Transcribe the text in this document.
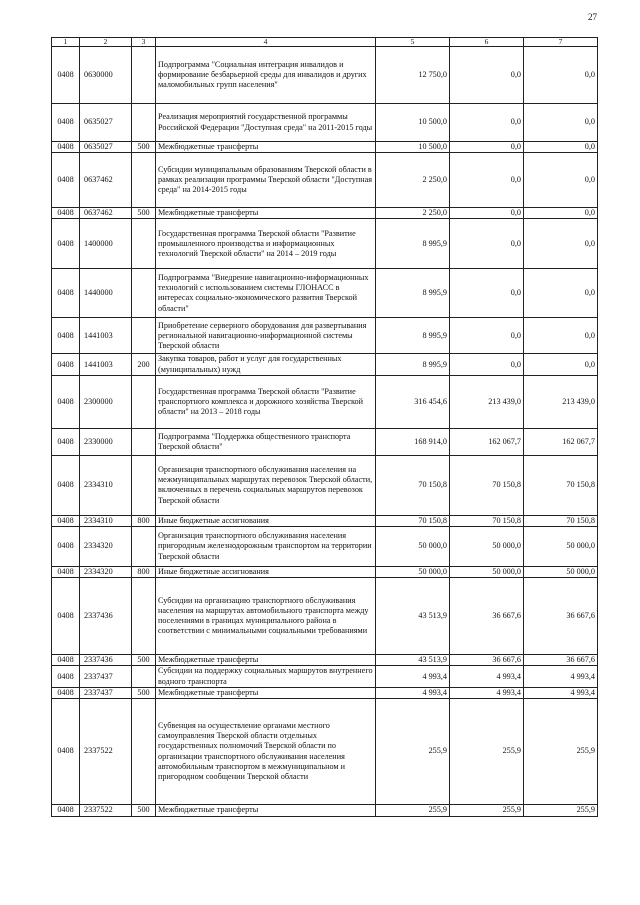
27
1	2	3	4	5	6	7
0408	0630000		Подпрограмма "Социальная интеграция инвалидов и формирование безбарьерной среды для инвалидов и других маломобильных групп населения"	12 750,0	0,0	0,0
0408	0635027		Реализация мероприятий государственной программы Российской Федерации "Доступная среда" на 2011-2015 годы	10 500,0	0,0	0,0
0408	0635027	500	Межбюджетные трансферты	10 500,0	0,0	0,0
0408	0637462		Субсидии муниципальным образованиям Тверской области в рамках реализации программы Тверской области "Доступная среда" на 2014-2015 годы	2 250,0	0,0	0,0
0408	0637462	500	Межбюджетные трансферты	2 250,0	0,0	0,0
0408	1400000		Государственная программа Тверской области "Развитие промышленного производства и информационных технологий Тверской области" на 2014 – 2019 годы	8 995,9	0,0	0,0
0408	1440000		Подпрограмма "Внедрение навигационно-информационных технологий с использованием системы ГЛОНАСС в интересах социально-экономического развития Тверской области"	8 995,9	0,0	0,0
0408	1441003		Приобретение серверного оборудования для развертывания региональной навигационно-информационной системы Тверской области	8 995,9	0,0	0,0
0408	1441003	200	Закупка товаров, работ и услуг для государственных (муниципальных) нужд	8 995,9	0,0	0,0
0408	2300000		Государственная программа Тверской области "Развитие транспортного комплекса и дорожного хозяйства Тверской области" на 2013 – 2018 годы	316 454,6	213 439,0	213 439,0
0408	2330000		Подпрограмма "Поддержка общественного транспорта Тверской области"	168 914,0	162 067,7	162 067,7
0408	2334310		Организация транспортного обслуживания населения на межмуниципальных маршрутах перевозок Тверской области, включенных в перечень социальных маршрутов перевозок Тверской области	70 150,8	70 150,8	70 150,8
0408	2334310	800	Иные бюджетные ассигнования	70 150,8	70 150,8	70 150,8
0408	2334320		Организация транспортного обслуживания населения пригородным железнодорожным транспортом на территории Тверской области	50 000,0	50 000,0	50 000,0
0408	2334320	800	Иные бюджетные ассигнования	50 000,0	50 000,0	50 000,0
0408	2337436		Субсидии на организацию транспортного обслуживания населения на маршрутах автомобильного транспорта между поселениями в границах муниципального района в соответствии с минимальными социальными требованиями	43 513,9	36 667,6	36 667,6
0408	2337436	500	Межбюджетные трансферты	43 513,9	36 667,6	36 667,6
0408	2337437		Субсидии на поддержку социальных маршрутов внутреннего водного транспорта	4 993,4	4 993,4	4 993,4
0408	2337437	500	Межбюджетные трансферты	4 993,4	4 993,4	4 993,4
0408	2337522		Субвенция на осуществление органами местного самоуправления Тверской области отдельных государственных полномочий Тверской области по организации транспортного обслуживания населения автомобильным транспортом в межмуниципальном и пригородном сообщении Тверской области	255,9	255,9	255,9
0408	2337522	500	Межбюджетные трансферты	255,9	255,9	255,9
